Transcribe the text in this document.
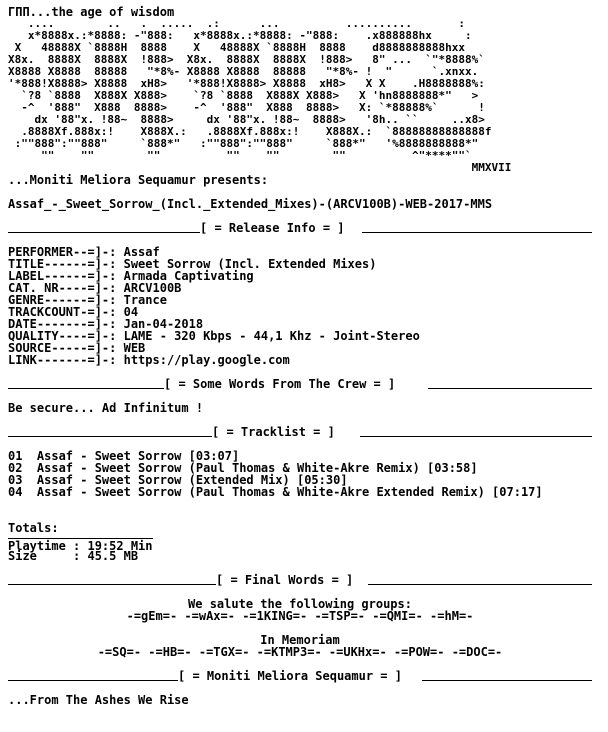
ΓΠΠ...the age of wisdom
....        ..   .  .....  .:      ...          ..........       :
x*8888x.:*8888: -"888:   x*8888x.:*8888: -"888:    .x888888hx     :
X   48888X `8888H  8888    X   48888X `8888H  8888    d8888888888hxx
X8x.  8888X  8888X  !888>  X8x.  8888X  8888X  !888>   8" ...  `"*8888%`
X8888 X8888  88888   "*8%- X8888 X8888  88888   "*8%- !  "      `.xnxx.
'*888!X8888> X8888  xH8>   '*888!X8888> X8888  xH8>   X X    .H8888888%:
`?8 `8888  X888X X888>    `?8 `8888  X888X X888>   X 'hn8888888*"   >
-^  '888"  X888  8888>    -^  '888"  X888  8888>   X: `*88888%`      !
dx '88"x. !88~  8888>     dx '88"x. !88~  8888>   '8h.. ``     ..x8>
.8888Xf.888x:!    X888X.:   .8888Xf.888x:!    X888X.:  `88888888888888f
:""888":""888"     `888*"   :""888":""888"     `888*"   '%8888888888*"
""    ""        ""          ""    ""        ""          ^"****""`
MMXVII
...Moniti Meliora Sequamur presents:
Assaf_-_Sweet_Sorrow_(Incl._Extended_Mixes)-(ARCV100B)-WEB-2017-MMS
[ = Release Info = ]
PERFORMER--=]-: Assaf
TITLE------=]-: Sweet Sorrow (Incl. Extended Mixes)
LABEL------=]-: Armada Captivating
CAT. NR----=]-: ARCV100B
GENRE------=]-: Trance
TRACKCOUNT-=]-: 04
DATE-------=]-: Jan-04-2018
QUALITY----=]-: LAME - 320 Kbps - 44,1 Khz - Joint-Stereo
SOURCE-----=]-: WEB
LINK-------=]-: https://play.google.com
[ = Some Words From The Crew = ]
Be secure... Ad Infinitum !
[ = Tracklist = ]
01  Assaf - Sweet Sorrow [03:07]
02  Assaf - Sweet Sorrow (Paul Thomas & White-Akre Remix) [03:58]
03  Assaf - Sweet Sorrow (Extended Mix) [05:30]
04  Assaf - Sweet Sorrow (Paul Thomas & White-Akre Extended Remix) [07:17]
Totals:
Playtime : 19:52 Min
Size     : 45.5 MB
[ = Final Words = ]
We salute the following groups:
-=gEm=- -=wAx=- -=1KING=- -=TSP=- -=QMI=- -=hM=-
In Memoriam
-=SQ=- -=HB=- -=TGX=- -=KTMP3=- -=UKHx=- -=POW=- -=DOC=-
[ = Moniti Meliora Sequamur = ]
...From The Ashes We Rise
